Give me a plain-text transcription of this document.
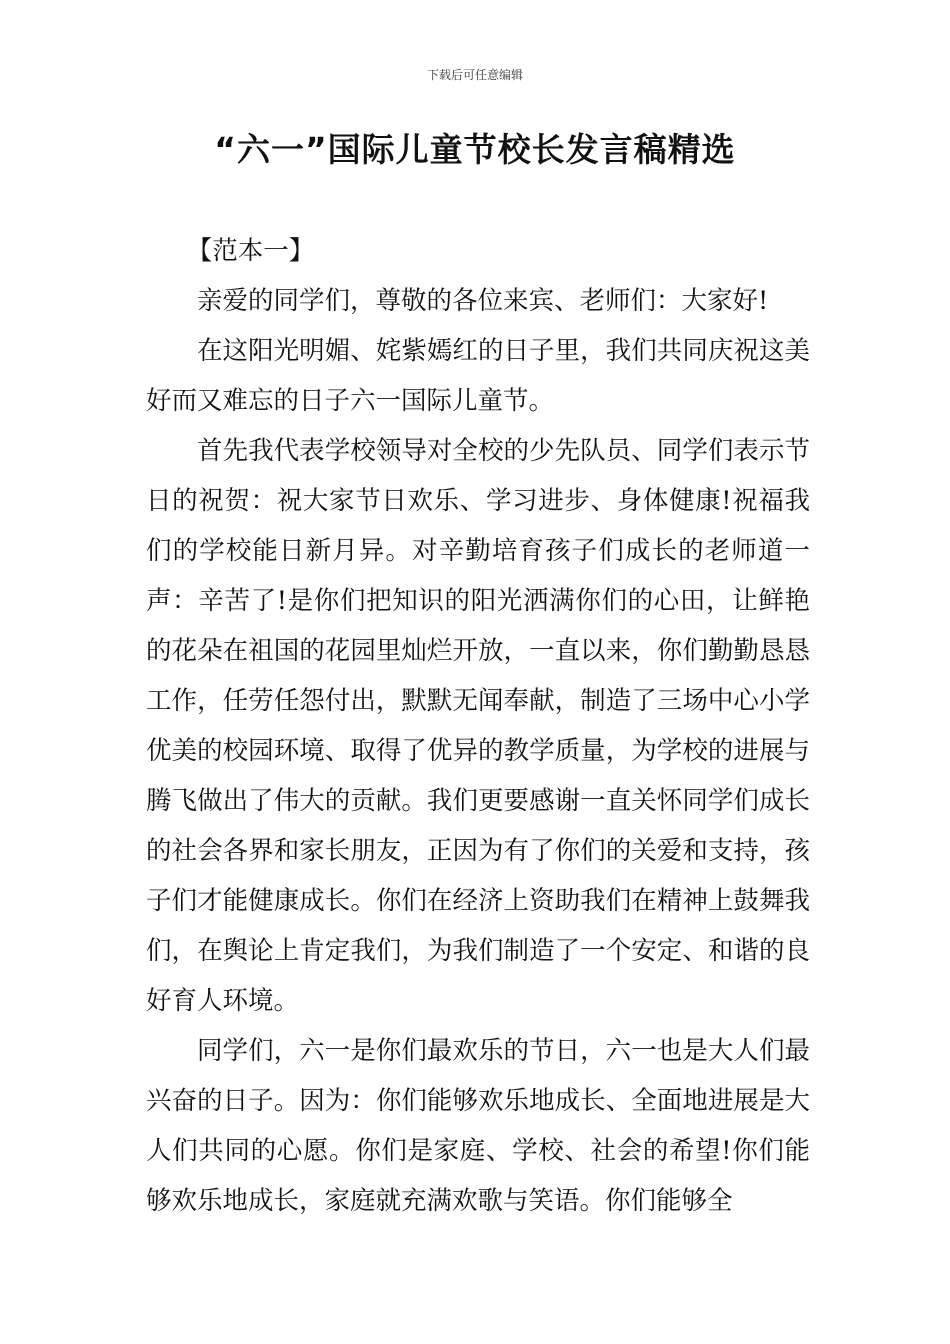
下载后可任意编辑
“六一”国际儿童节校长发言稿精选

【范本一】

亲爱的同学们，尊敬的各位来宾、老师们：大家好!

在这阳光明媚、姹紫嫣红的日子里，我们共同庆祝这美好而又难忘的日子六一国际儿童节。

首先我代表学校领导对全校的少先队员、同学们表示节日的祝贺：祝大家节日欢乐、学习进步、身体健康!祝福我们的学校能日新月异。对辛勤培育孩子们成长的老师道一声：辛苦了!是你们把知识的阳光洒满你们的心田，让鲜艳的花朵在祖国的花园里灿烂开放，一直以来，你们勤勤恳恳工作，任劳任怨付出，默默无闻奉献，制造了三场中心小学优美的校园环境、取得了优异的教学质量，为学校的进展与腾飞做出了伟大的贡献。我们更要感谢一直关怀同学们成长的社会各界和家长朋友，正因为有了你们的关爱和支持，孩子们才能健康成长。你们在经济上资助我们在精神上鼓舞我们，在舆论上肯定我们，为我们制造了一个安定、和谐的良好育人环境。

同学们，六一是你们最欢乐的节日，六一也是大人们最兴奋的日子。因为：你们能够欢乐地成长、全面地进展是大人们共同的心愿。你们是家庭、学校、社会的希望!你们能够欢乐地成长，家庭就充满欢歌与笑语。你们能够全
